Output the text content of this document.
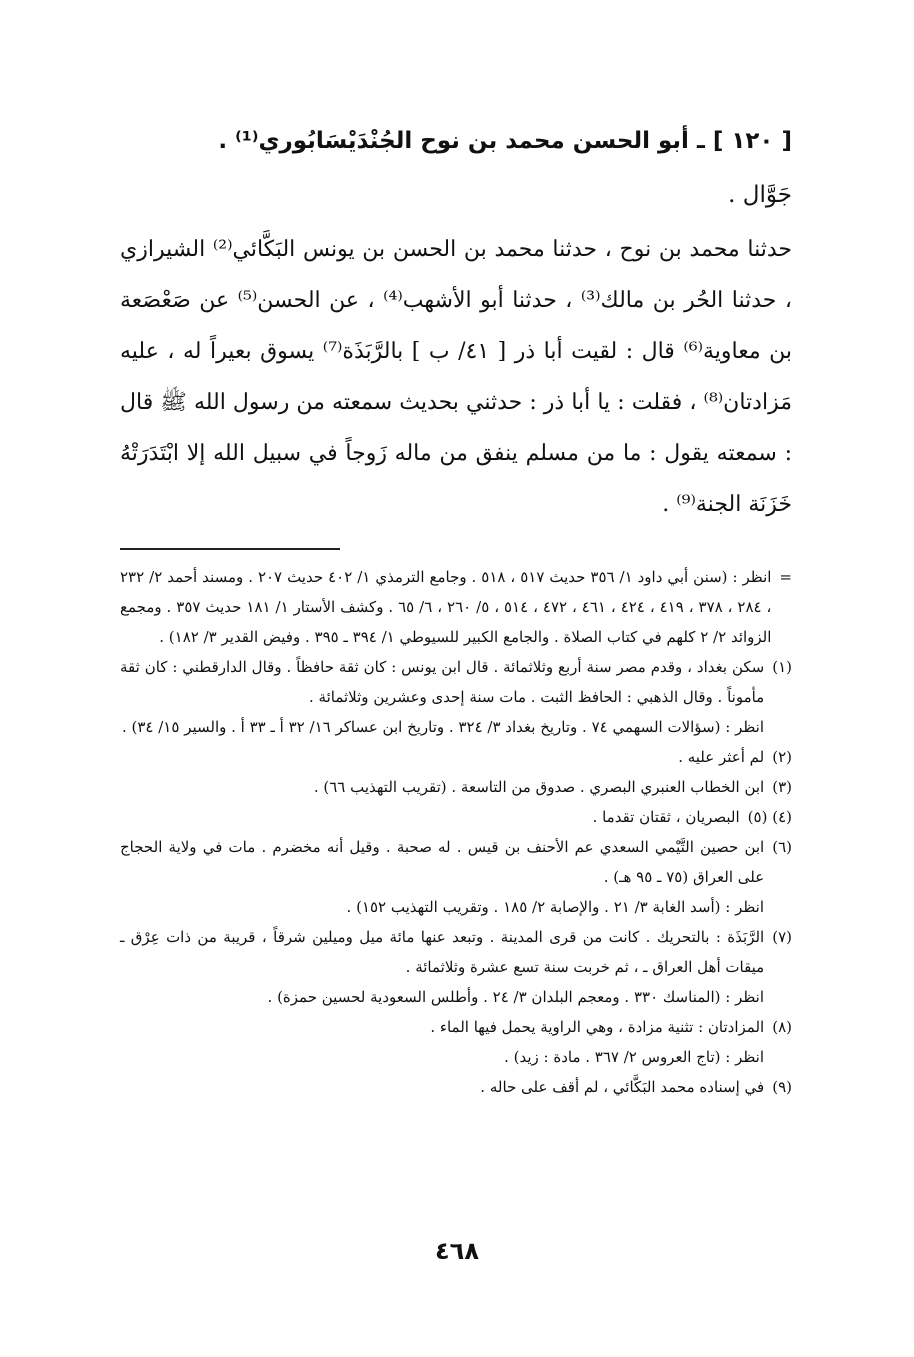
[ ١٢٠ ] ـ أبو الحسن محمد بن نوح الجُنْدَيْسَابُوري⁽¹⁾ .

جَوَّال .

حدثنا محمد بن نوح ، حدثنا محمد بن الحسن بن يونس البَكَّائي⁽²⁾ الشيرازي ، حدثنا الحُر بن مالك⁽³⁾ ، حدثنا أبو الأشهب⁽⁴⁾ ، عن الحسن⁽⁵⁾ عن صَعْصَعة بن معاوية⁽⁶⁾ قال : لقيت أبا ذر [ ٤١/ ب ] بالرَّبَذَة⁽⁷⁾ يسوق بعيراً له ، عليه مَزادتان⁽⁸⁾ ، فقلت : يا أبا ذر : حدثني بحديث سمعته من رسول الله ﷺ قال : سمعته يقول : ما من مسلم ينفق من ماله زَوجاً في سبيل الله إلا ابْتَدَرَتْهُ خَزَنَة الجنة⁽⁹⁾ .

=
انظر : (سنن أبي داود ١/ ٣٥٦ حديث ٥١٧ ، ٥١٨ . وجامع الترمذي ١/ ٤٠٢ حديث ٢٠٧ . ومسند أحمد ٢/ ٢٣٢ ، ٢٨٤ ، ٣٧٨ ، ٤١٩ ، ٤٢٤ ، ٤٦١ ، ٤٧٢ ، ٥١٤ ، ٥/ ٢٦٠ ، ٦/ ٦٥ . وكشف الأستار ١/ ١٨١ حديث ٣٥٧ . ومجمع الزوائد ٢/ ٢ كلهم في كتاب الصلاة . والجامع الكبير للسيوطي ١/ ٣٩٤ ـ ٣٩٥ . وفيض القدير ٣/ ١٨٢) .
(١)
سكن بغداد ، وقدم مصر سنة أربع وثلاثمائة . قال ابن يونس : كان ثقة حافظاً . وقال الدارقطني : كان ثقة مأموناً . وقال الذهبي : الحافظ الثبت . مات سنة إحدى وعشرين وثلاثمائة .
انظر : (سؤالات السهمي ٧٤ . وتاريخ بغداد ٣/ ٣٢٤ . وتاريخ ابن عساكر ١٦/ ٣٢ أ ـ ٣٣ أ . والسير ١٥/ ٣٤) .
(٢)
لم أعثر عليه .
(٣)
ابن الخطاب العنبري البصري . صدوق من التاسعة . (تقريب التهذيب ٦٦) .
(٤) (٥)
البصريان ، ثقتان تقدما .
(٦)
ابن حصين التَّيْمي السعدي عم الأحنف بن قيس . له صحبة . وقيل أنه مخضرم . مات في ولاية الحجاج على العراق (٧٥ ـ ٩٥ هـ) .
انظر : (أسد الغابة ٣/ ٢١ . والإصابة ٢/ ١٨٥ . وتقريب التهذيب ١٥٢) .
(٧)
الرَّبَذَة : بالتحريك . كانت من قرى المدينة . وتبعد عنها مائة ميل وميلين شرقاً ، قريبة من ذات عِرْق ـ ميقات أهل العراق ـ ، ثم خربت سنة تسع عشرة وثلاثمائة .
انظر : (المناسك ٣٣٠ . ومعجم البلدان ٣/ ٢٤ . وأطلس السعودية لحسين حمزة) .
(٨)
المزادتان : تثنية مزادة ، وهي الراوية يحمل فيها الماء .
انظر : (تاج العروس ٢/ ٣٦٧ . مادة : زيد) .
(٩)
في إسناده محمد البَكَّائي ، لم أقف على حاله .
٤٦٨
